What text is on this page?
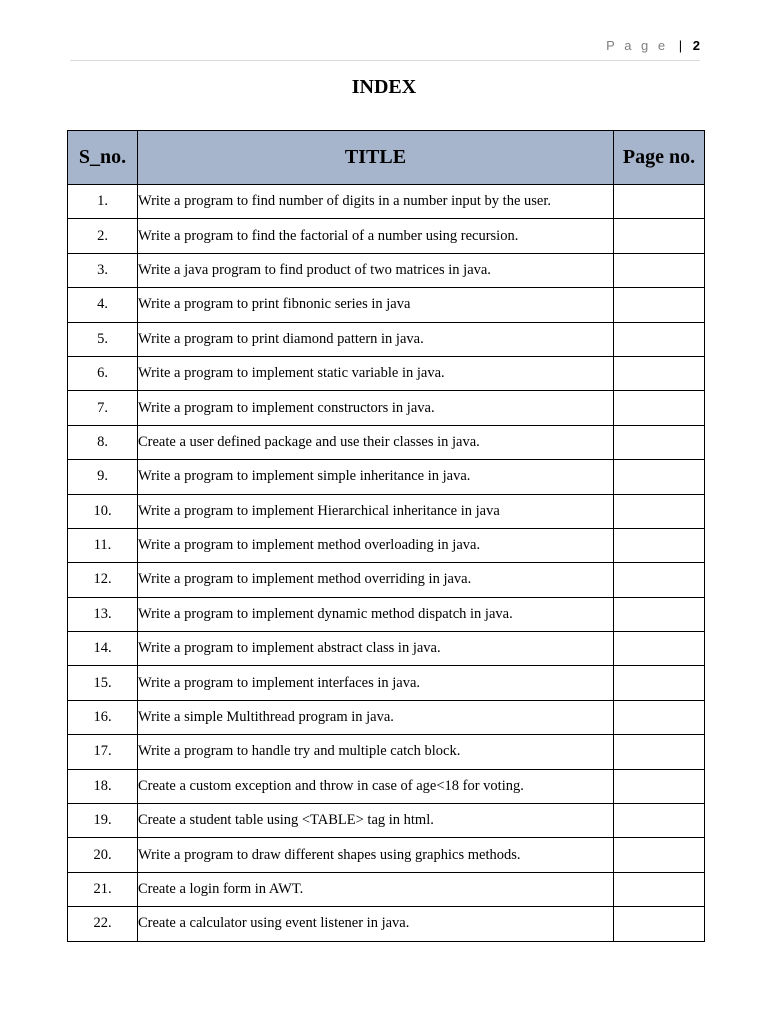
P a g e | 2
INDEX
S_no.	TITLE	Page no.
1.	Write a program to find number of digits in a number input by the user.	
2.	Write a program to find the factorial of a number using recursion.	
3.	Write a java program to find product of two matrices in java.	
4.	Write a program to print fibnonic series in java	
5.	Write a program to print diamond pattern in java.	
6.	Write a program to implement static variable in java.	
7.	Write a program to implement constructors in java.	
8.	Create a user defined package and use their classes in java.	
9.	Write a program to implement simple inheritance in java.	
10.	Write a program to implement Hierarchical inheritance in java	
11.	Write a program to implement method overloading in java.	
12.	Write a program to implement method overriding in java.	
13.	Write a program to implement dynamic method dispatch in java.	
14.	Write a program to implement abstract class in java.	
15.	Write a program to implement interfaces in java.	
16.	Write a simple Multithread program in java.	
17.	Write a program to handle try and multiple catch block.	
18.	Create a custom exception and throw in case of age<18 for voting.	
19.	Create a student table using <TABLE> tag in html.	
20.	Write a program to draw different shapes using graphics methods.	
21.	Create a login form in AWT.	
22.	Create a calculator using event listener in java.	
